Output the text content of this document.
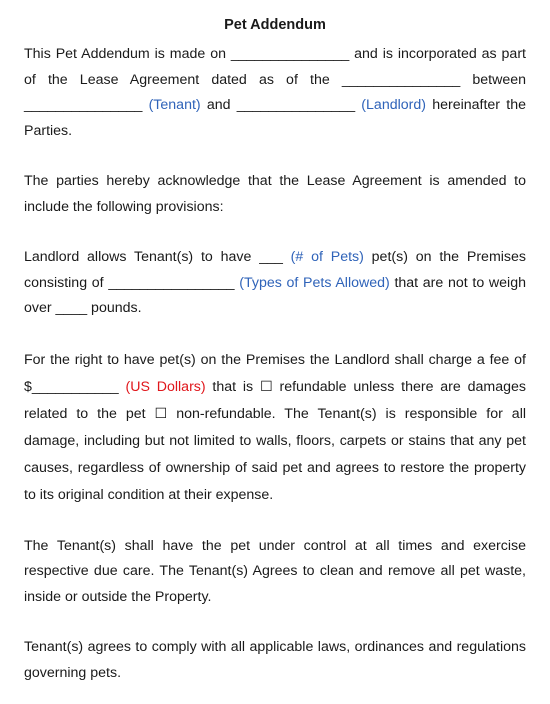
Pet Addendum

This Pet Addendum is made on _______________ and is incorporated as part of the Lease Agreement dated as of the _______________ between _______________ (Tenant) and _______________ (Landlord) hereinafter the Parties.

The parties hereby acknowledge that the Lease Agreement is amended to include the following provisions:

Landlord allows Tenant(s) to have ___ (# of Pets) pet(s) on the Premises consisting of ________________ (Types of Pets Allowed) that are not to weigh over ____ pounds.

For the right to have pet(s) on the Premises the Landlord shall charge a fee of $___________ (US Dollars) that is ☐ refundable unless there are damages related to the pet ☐ non-refundable. The Tenant(s) is responsible for all damage, including but not limited to walls, floors, carpets or stains that any pet causes, regardless of ownership of said pet and agrees to restore the property to its original condition at their expense.

The Tenant(s) shall have the pet under control at all times and exercise respective due care. The Tenant(s) Agrees to clean and remove all pet waste, inside or outside the Property.

Tenant(s) agrees to comply with all applicable laws, ordinances and regulations governing pets.
